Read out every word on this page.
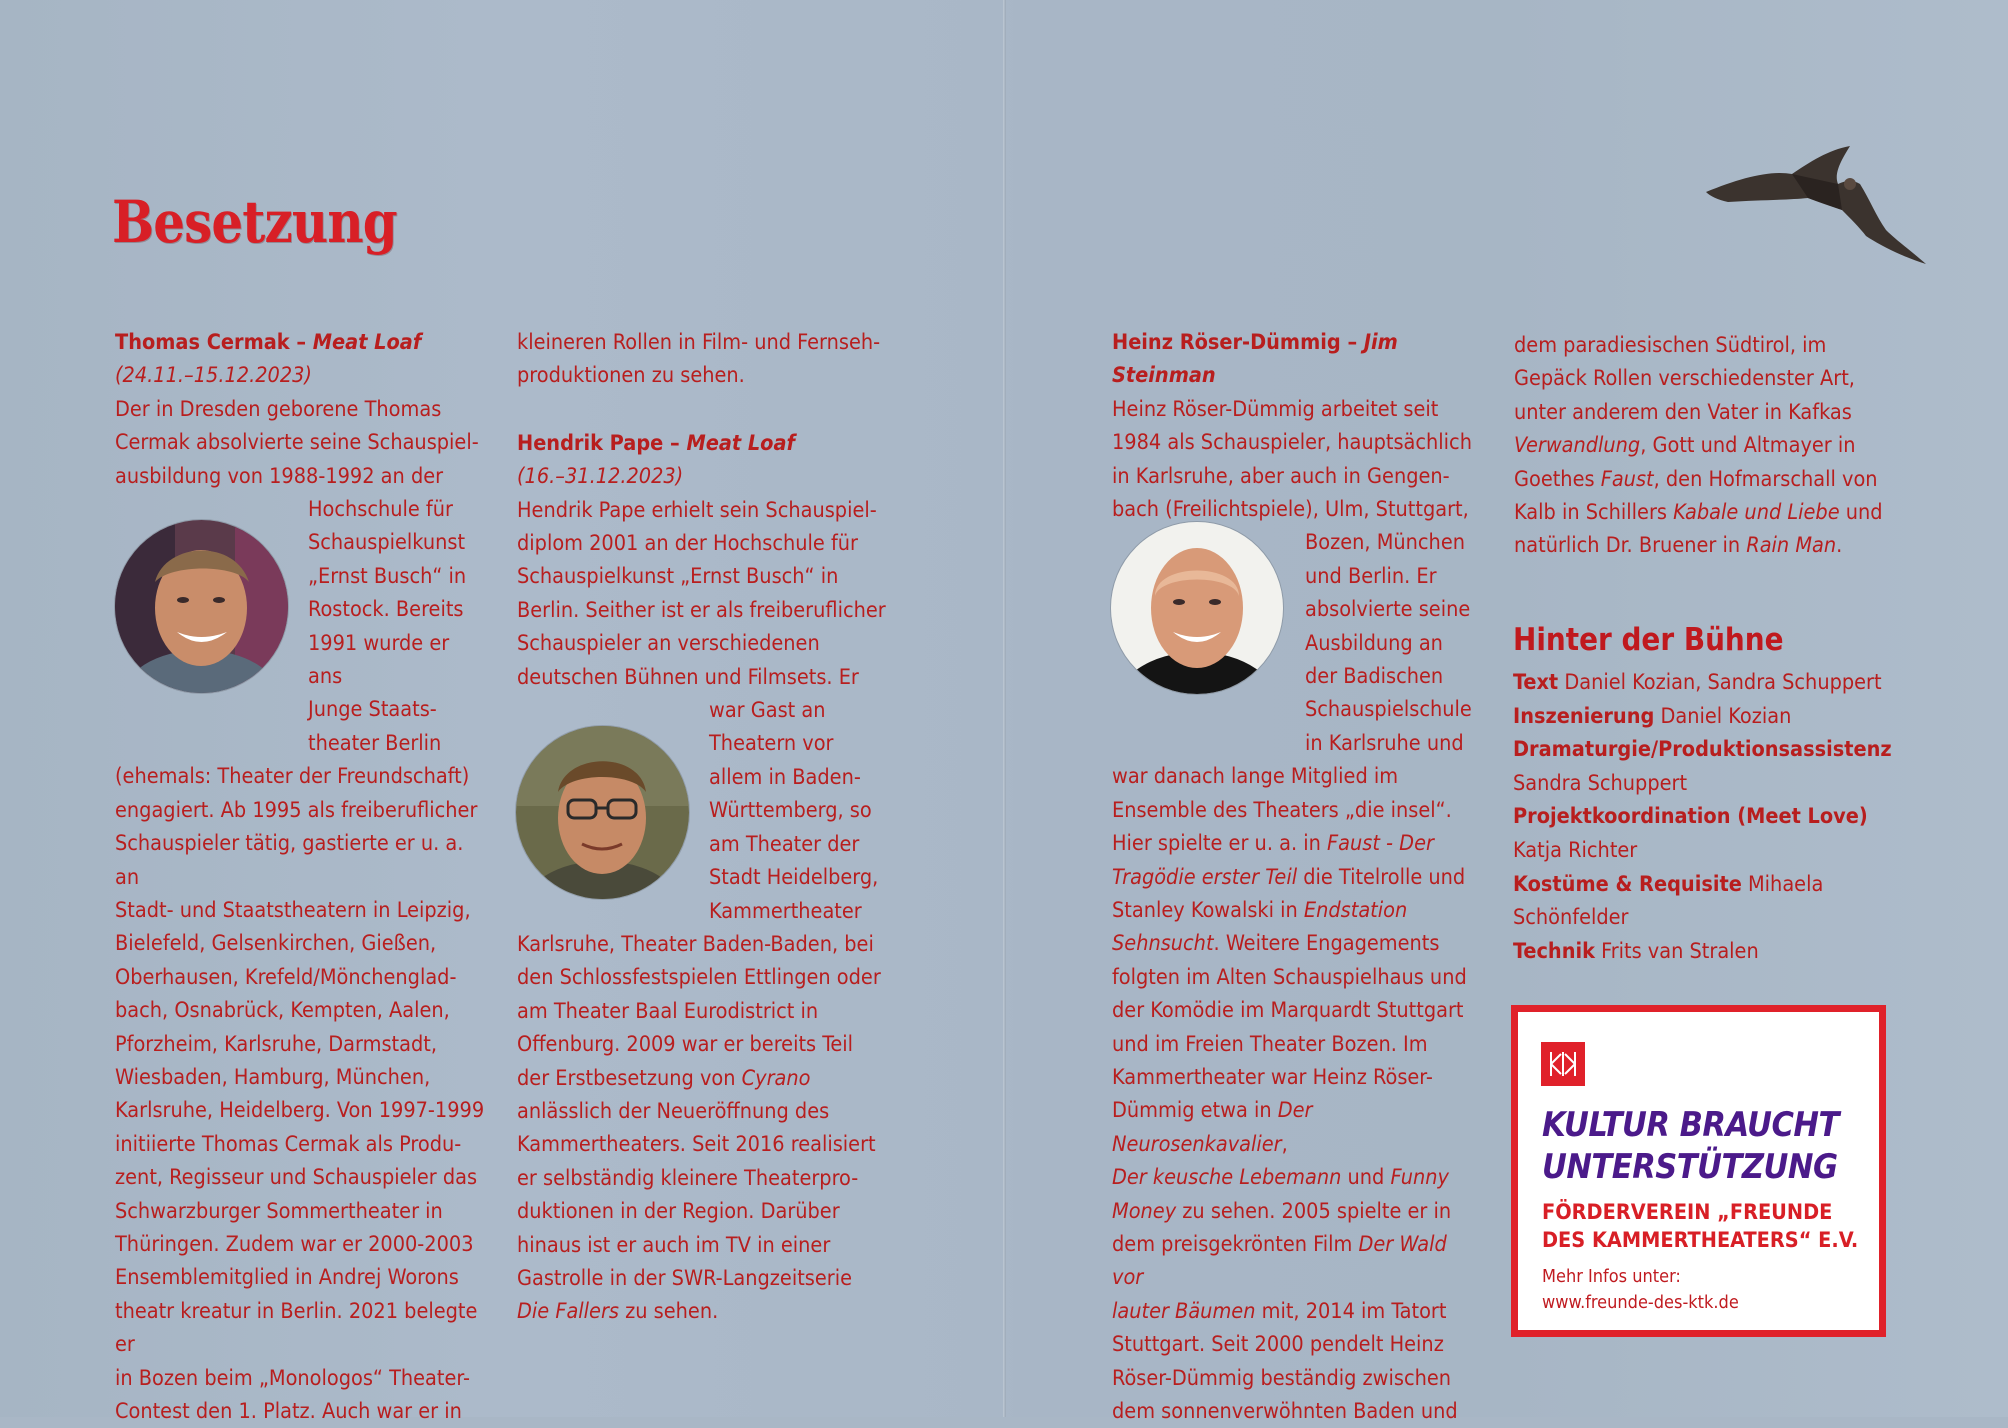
Besetzung

Thomas Cermak – Meat Loaf

(24.11.–15.12.2023)

Der in Dresden geborene Thomas

Cermak absolvierte seine Schauspiel-

ausbildung von 1988-1992 an der

Hochschule für

Schauspielkunst

„Ernst Busch“ in

Rostock. Bereits

1991 wurde er ans

Junge Staats-

theater Berlin

(ehemals: Theater der Freundschaft)

engagiert. Ab 1995 als freiberuflicher

Schauspieler tätig, gastierte er u. a. an

Stadt- und Staatstheatern in Leipzig,

Bielefeld, Gelsenkirchen, Gießen,

Oberhausen, Krefeld/Mönchenglad-

bach, Osnabrück, Kempten, Aalen,

Pforzheim, Karlsruhe, Darmstadt,

Wiesbaden, Hamburg, München,

Karlsruhe, Heidelberg. Von 1997-1999

initiierte Thomas Cermak als Produ-

zent, Regisseur und Schauspieler das

Schwarzburger Sommertheater in

Thüringen. Zudem war er 2000-2003

Ensemblemitglied in Andrej Worons

theatr kreatur in Berlin. 2021 belegte er

in Bozen beim „Monologos“ Theater-

Contest den 1. Platz. Auch war er in

kleineren Rollen in Film- und Fernseh-

produktionen zu sehen.

Hendrik Pape – Meat Loaf

(16.–31.12.2023)

Hendrik Pape erhielt sein Schauspiel-

diplom 2001 an der Hochschule für

Schauspielkunst „Ernst Busch“ in

Berlin. Seither ist er als freiberuflicher

Schauspieler an verschiedenen

deutschen Bühnen und Filmsets. Er

war Gast an

Theatern vor

allem in Baden-

Württemberg, so

am Theater der

Stadt Heidelberg,

Kammertheater

Karlsruhe, Theater Baden-Baden, bei

den Schlossfestspielen Ettlingen oder

am Theater Baal Eurodistrict in

Offenburg. 2009 war er bereits Teil

der Erstbesetzung von Cyrano

anlässlich der Neueröffnung des

Kammertheaters. Seit 2016 realisiert

er selbständig kleinere Theaterpro-

duktionen in der Region. Darüber

hinaus ist er auch im TV in einer

Gastrolle in der SWR-Langzeitserie

Die Fallers zu sehen.

Heinz Röser-Dümmig – Jim Steinman

Heinz Röser-Dümmig arbeitet seit

1984 als Schauspieler, hauptsächlich

in Karlsruhe, aber auch in Gengen-

bach (Freilichtspiele), Ulm, Stuttgart,

Bozen, München

und Berlin. Er

absolvierte seine

Ausbildung an

der Badischen

Schauspielschule

in Karlsruhe und

war danach lange Mitglied im

Ensemble des Theaters „die insel“.

Hier spielte er u. a. in Faust - Der

Tragödie erster Teil die Titelrolle und

Stanley Kowalski in Endstation

Sehnsucht. Weitere Engagements

folgten im Alten Schauspielhaus und

der Komödie im Marquardt Stuttgart

und im Freien Theater Bozen. Im

Kammertheater war Heinz Röser-

Dümmig etwa in Der Neurosenkavalier,

Der keusche Lebemann und Funny

Money zu sehen. 2005 spielte er in

dem preisgekrönten Film Der Wald vor

lauter Bäumen mit, 2014 im Tatort

Stuttgart. Seit 2000 pendelt Heinz

Röser-Dümmig beständig zwischen

dem sonnenverwöhnten Baden und

dem paradiesischen Südtirol, im

Gepäck Rollen verschiedenster Art,

unter anderem den Vater in Kafkas

Verwandlung, Gott und Altmayer in

Goethes Faust, den Hofmarschall von

Kalb in Schillers Kabale und Liebe und

natürlich Dr. Bruener in Rain Man.

Hinter der Bühne
Text Daniel Kozian, Sandra Schuppert
Inszenierung Daniel Kozian
Dramaturgie/Produktionsassistenz
Sandra Schuppert
Projektkoordination (Meet Love)
Katja Richter
Kostüme & Requisite Mihaela Schönfelder
Technik Frits van Stralen
KULTUR BRAUCHT
UNTERSTÜTZUNG
FÖRDERVEREIN „FREUNDE
DES KAMMERTHEATERS“ E.V.
Mehr Infos unter:
www.freunde-des-ktk.de
